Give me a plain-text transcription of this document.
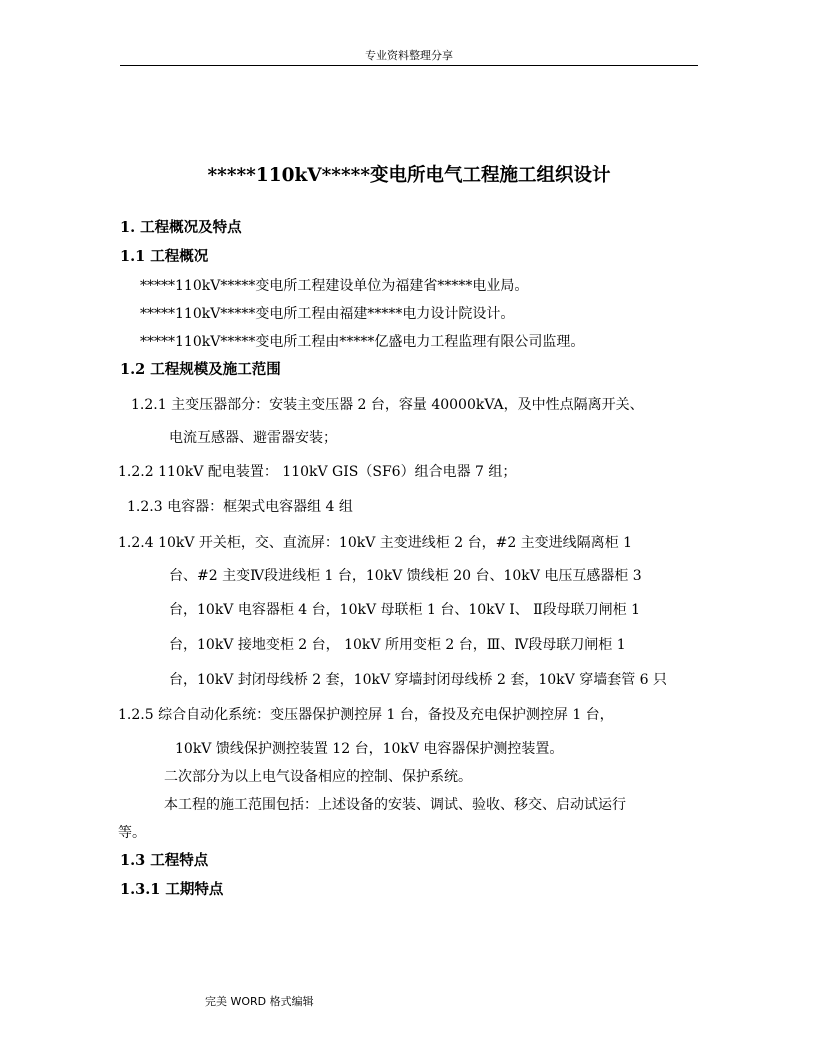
专业资料整理分享
*****110kV*****变电所电气工程施工组织设计
1. 工程概况及特点
1.1 工程概况
*****110kV*****变电所工程建设单位为福建省*****电业局。
*****110kV*****变电所工程由福建*****电力设计院设计。
*****110kV*****变电所工程由*****亿盛电力工程监理有限公司监理。
1.2 工程规模及施工范围
1.2.1 主变压器部分：安装主变压器 2 台，容量 40000kVA，及中性点隔离开关、
电流互感器、避雷器安装；
1.2.2 110kV 配电装置： 110kV GIS（SF6）组合电器 7 组；
1.2.3 电容器：框架式电容器组 4 组
1.2.4 10kV 开关柜，交、直流屏：10kV 主变进线柜 2 台，#2 主变进线隔离柜 1
台、#2 主变Ⅳ段进线柜 1 台，10kV 馈线柜 20 台、10kV 电压互感器柜 3
台，10kV 电容器柜 4 台，10kV 母联柜 1 台、10kV Ⅰ、 Ⅱ段母联刀闸柜 1
台，10kV 接地变柜 2 台， 10kV 所用变柜 2 台，Ⅲ、Ⅳ段母联刀闸柜 1
台，10kV 封闭母线桥 2 套，10kV 穿墙封闭母线桥 2 套，10kV 穿墙套管 6 只
1.2.5 综合自动化系统：变压器保护测控屏 1 台，备投及充电保护测控屏 1 台，
10kV 馈线保护测控装置 12 台，10kV 电容器保护测控装置。
二次部分为以上电气设备相应的控制、保护系统。
本工程的施工范围包括：上述设备的安装、调试、验收、移交、启动试运行
等。
1.3 工程特点
1.3.1 工期特点
完美 WORD 格式编辑
